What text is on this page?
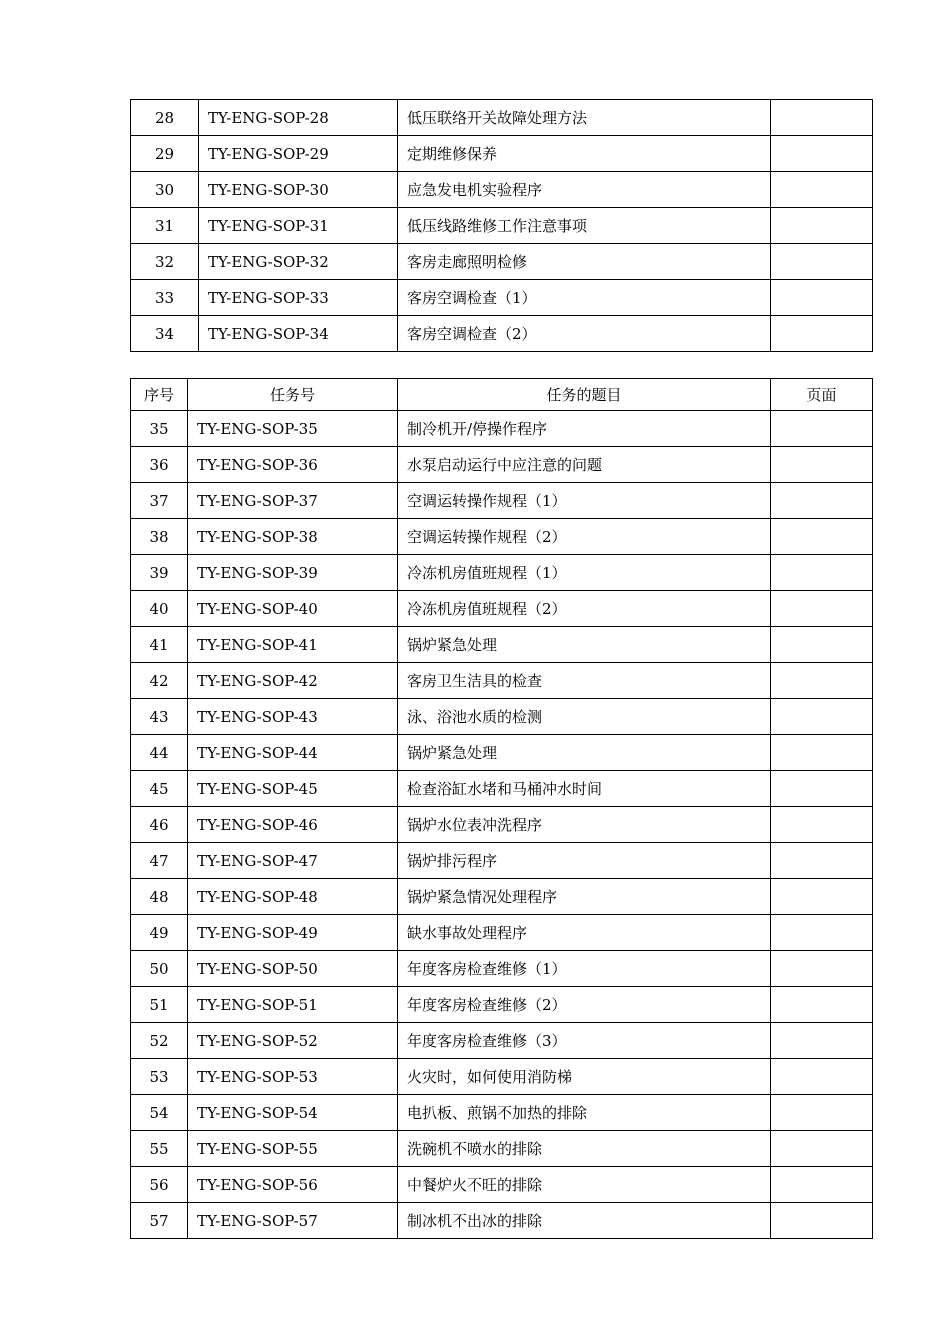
28	TY-ENG-SOP-28	低压联络开关故障处理方法	
29	TY-ENG-SOP-29	定期维修保养	
30	TY-ENG-SOP-30	应急发电机实验程序	
31	TY-ENG-SOP-31	低压线路维修工作注意事项	
32	TY-ENG-SOP-32	客房走廊照明检修	
33	TY-ENG-SOP-33	客房空调检查（1）	
34	TY-ENG-SOP-34	客房空调检查（2）	
序号	任务号	任务的题目	页面
35	TY-ENG-SOP-35	制冷机开/停操作程序	
36	TY-ENG-SOP-36	水泵启动运行中应注意的问题	
37	TY-ENG-SOP-37	空调运转操作规程（1）	
38	TY-ENG-SOP-38	空调运转操作规程（2）	
39	TY-ENG-SOP-39	冷冻机房值班规程（1）	
40	TY-ENG-SOP-40	冷冻机房值班规程（2）	
41	TY-ENG-SOP-41	锅炉紧急处理	
42	TY-ENG-SOP-42	客房卫生洁具的检查	
43	TY-ENG-SOP-43	泳、浴池水质的检测	
44	TY-ENG-SOP-44	锅炉紧急处理	
45	TY-ENG-SOP-45	检查浴缸水堵和马桶冲水时间	
46	TY-ENG-SOP-46	锅炉水位表冲洗程序	
47	TY-ENG-SOP-47	锅炉排污程序	
48	TY-ENG-SOP-48	锅炉紧急情况处理程序	
49	TY-ENG-SOP-49	缺水事故处理程序	
50	TY-ENG-SOP-50	年度客房检查维修（1）	
51	TY-ENG-SOP-51	年度客房检查维修（2）	
52	TY-ENG-SOP-52	年度客房检查维修（3）	
53	TY-ENG-SOP-53	火灾时，如何使用消防梯	
54	TY-ENG-SOP-54	电扒板、煎锅不加热的排除	
55	TY-ENG-SOP-55	洗碗机不喷水的排除	
56	TY-ENG-SOP-56	中餐炉火不旺的排除	
57	TY-ENG-SOP-57	制冰机不出冰的排除	
